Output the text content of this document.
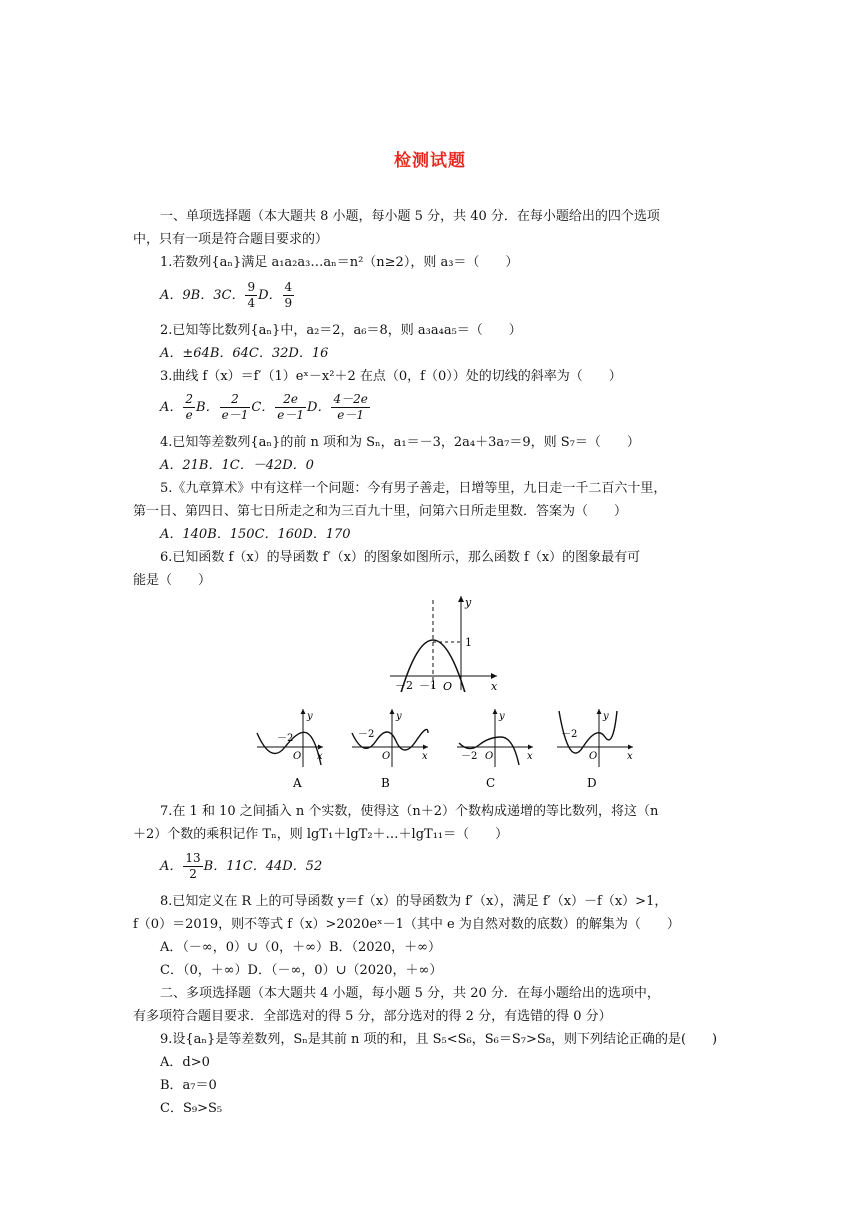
检测试题
一、单项选择题（本大题共 8 小题，每小题 5 分，共 40 分．在每小题给出的四个选项
中，只有一项是符合题目要求的）
1.若数列{aₙ}满足 a₁a₂a₃…aₙ＝n²（n≥2），则 a₃＝（　　）
A．9B．3C． $\frac{9}{4}$ D． $\frac{4}{9}$
2.已知等比数列{aₙ}中，a₂＝2，a₆＝8，则 a₃a₄a₅＝（　　）
A．±64B．64C．32D．16
3.曲线 f（x）＝f′（1）eˣ－x²＋2 在点（0，f（0））处的切线的斜率为（　　）
A． $\frac{2}{e}$ B． $\frac{2}{e-1}$ C． $\frac{2e}{e-1}$ D． $\frac{4-2e}{e-1}$
4.已知等差数列{aₙ}的前 n 项和为 Sₙ，a₁＝－3，2a₄＋3a₇＝9，则 S₇＝（　　）
A．21B．1C．－42D．0
5.《九章算术》中有这样一个问题：今有男子善走，日增等里，九日走一千二百六十里，
第一日、第四日、第七日所走之和为三百九十里，问第六日所走里数．答案为（　　）
A．140B．150C．160D．170
6.已知函数 f（x）的导函数 f′（x）的图象如图所示，那么函数 f（x）的图象最有可
能是（　　）
y
x
1
－2 －1 O
－2
y
x
O
A
－2
y
x
O
B
－2
y
x
O
C
－2
y
x
O
D
7.在 1 和 10 之间插入 n 个实数，使得这（n＋2）个数构成递增的等比数列，将这（n
＋2）个数的乘积记作 Tₙ，则 lgT₁＋lgT₂＋…＋lgT₁₁＝（　　）
A． $\frac{13}{2}$ B．11C．44D．52
8.已知定义在 R 上的可导函数 y＝f（x）的导函数为 f′（x），满足 f′（x）－f（x）>1，
f（0）＝2019，则不等式 f（x）>2020eˣ－1（其中 e 为自然对数的底数）的解集为（　　）
A．（－∞，0）∪（0，＋∞）B．（2020，＋∞）
C．（0，＋∞）D．（－∞，0）∪（2020，＋∞）
二、多项选择题（本大题共 4 小题，每小题 5 分，共 20 分．在每小题给出的选项中，
有多项符合题目要求．全部选对的得 5 分，部分选对的得 2 分，有选错的得 0 分）
9.设{aₙ}是等差数列，Sₙ是其前 n 项的和，且 S₅<S₆，S₆＝S₇>S₈，则下列结论正确的是(　　)
A．d>0
B．a₇＝0
C．S₉>S₅
